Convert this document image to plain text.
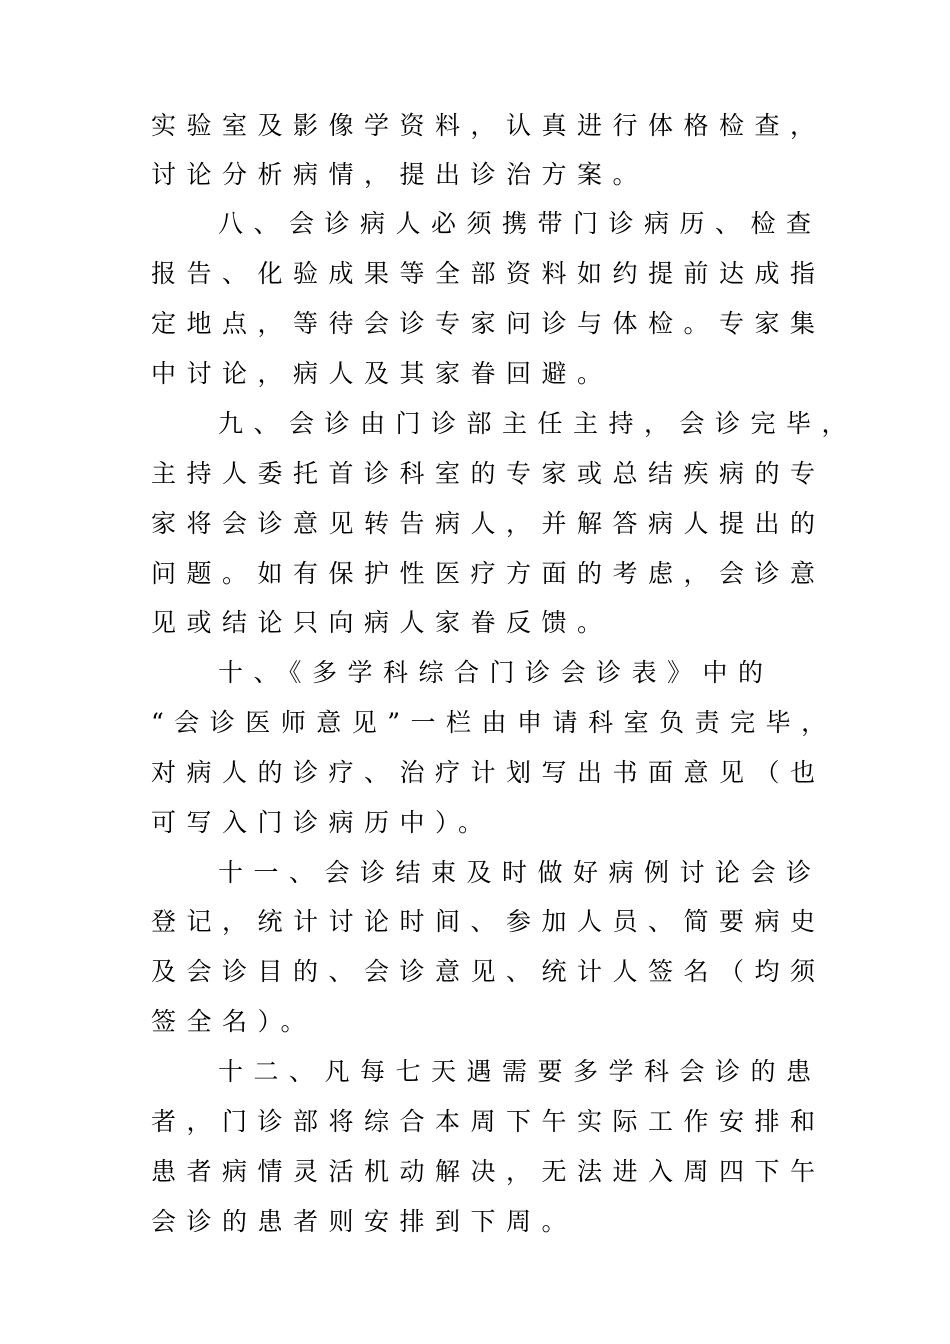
实验室及影像学资料，认真进行体格检查，
讨论分析病情，提出诊治方案。
八、会诊病人必须携带门诊病历、检查
报告、化验成果等全部资料如约提前达成指
定地点，等待会诊专家问诊与体检。专家集
中讨论，病人及其家眷回避。
九、会诊由门诊部主任主持，会诊完毕，
主持人委托首诊科室的专家或总结疾病的专
家将会诊意见转告病人，并解答病人提出的
问题。如有保护性医疗方面的考虑，会诊意
见或结论只向病人家眷反馈。
十、《多学科综合门诊会诊表》中的
“会诊医师意见”一栏由申请科室负责完毕，
对病人的诊疗、治疗计划写出书面意见（也
可写入门诊病历中）。
十一、会诊结束及时做好病例讨论会诊
登记，统计讨论时间、参加人员、简要病史
及会诊目的、会诊意见、统计人签名（均须
签全名）。
十二、凡每七天遇需要多学科会诊的患
者，门诊部将综合本周下午实际工作安排和
患者病情灵活机动解决，无法进入周四下午
会诊的患者则安排到下周。
